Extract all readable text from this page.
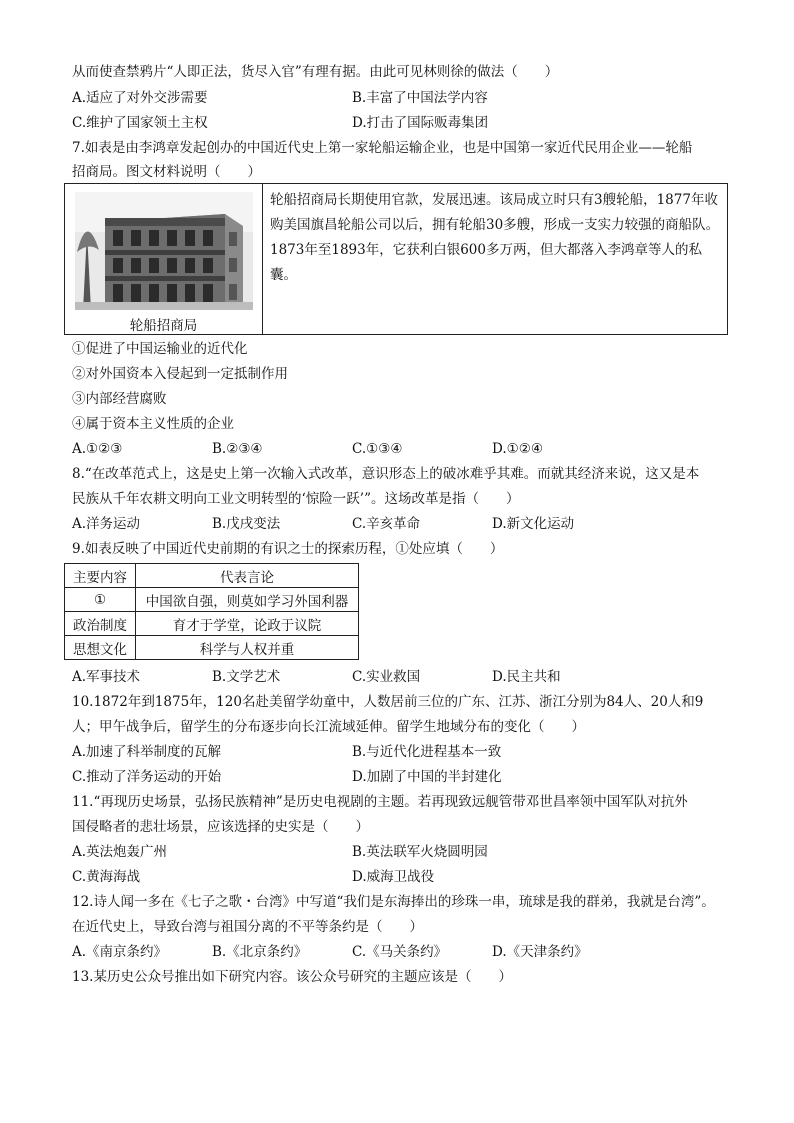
从而使查禁鸦片“人即正法，货尽入官”有理有据。由此可见林则徐的做法（　　）
A.适应了对外交涉需要	B.丰富了中国法学内容
C.维护了国家领土主权	D.打击了国际贩毒集团
7.如表是由李鸿章发起创办的中国近代史上第一家轮船运输企业，也是中国第一家近代民用企业——轮船
招商局。图文材料说明（　　）
轮船招商局
轮船招商局长期使用官款，发展迅速。该局成立时只有3艘轮船，1877年收购美国旗昌轮船公司以后，拥有轮船30多艘，形成一支实力较强的商船队。1873年至1893年，它获利白银600多万两，但大都落入李鸿章等人的私囊。
①促进了中国运输业的近代化
②对外国资本入侵起到一定抵制作用
③内部经营腐败
④属于资本主义性质的企业
A.①②③	B.②③④	C.①③④	D.①②④
8.“在改革范式上，这是史上第一次输入式改革，意识形态上的破冰难乎其难。而就其经济来说，这又是本
民族从千年农耕文明向工业文明转型的‘惊险一跃’”。这场改革是指（　　）
A.洋务运动	B.戊戌变法	C.辛亥革命	D.新文化运动
9.如表反映了中国近代史前期的有识之士的探索历程，①处应填（　　）
主要内容	代表言论
①	中国欲自强，则莫如学习外国利器
政治制度	育才于学堂，论政于议院
思想文化	科学与人权并重
A.军事技术	B.文学艺术	C.实业救国	D.民主共和
10.1872年到1875年，120名赴美留学幼童中，人数居前三位的广东、江苏、浙江分别为84人、20人和9
人；甲午战争后，留学生的分布逐步向长江流域延伸。留学生地域分布的变化（　　）
A.加速了科举制度的瓦解	B.与近代化进程基本一致
C.推动了洋务运动的开始	D.加剧了中国的半封建化
11.“再现历史场景，弘扬民族精神”是历史电视剧的主题。若再现致远舰管带邓世昌率领中国军队对抗外
国侵略者的悲壮场景，应该选择的史实是（　　）
A.英法炮轰广州	B.英法联军火烧圆明园
C.黄海海战	D.威海卫战役
12.诗人闻一多在《七子之歌・台湾》中写道“我们是东海捧出的珍珠一串，琉球是我的群弟，我就是台湾”。
在近代史上，导致台湾与祖国分离的不平等条约是（　　）
A.《南京条约》	B.《北京条约》	C.《马关条约》	D.《天津条约》
13.某历史公众号推出如下研究内容。该公众号研究的主题应该是（　　）
